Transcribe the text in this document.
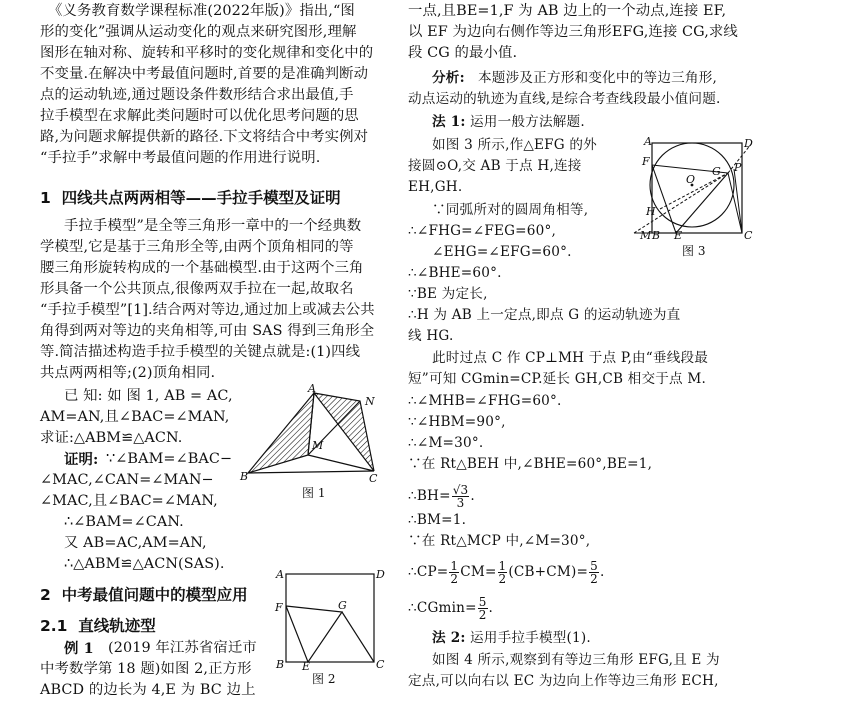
《义务教育数学课程标准(2022年版)》指出,“图
形的变化”强调从运动变化的观点来研究图形,理解
图形在轴对称、旋转和平移时的变化规律和变化中的
不变量.在解决中考最值问题时,首要的是准确判断动
点的运动轨迹,通过题设条件数形结合求出最值,手
拉手模型在求解此类问题时可以优化思考问题的思
路,为问题求解提供新的路径.下文将结合中考实例对
“手拉手”求解中考最值问题的作用进行说明.
1  四线共点两两相等——手拉手模型及证明
手拉手模型”是全等三角形一章中的一个经典数
学模型,它是基于三角形全等,由两个顶角相同的等
腰三角形旋转构成的一个基础模型.由于这两个三角
形具备一个公共顶点,很像两双手拉在一起,故取名
“手拉手模型”[1].结合两对等边,通过加上或减去公共
角得到两对等边的夹角相等,可由 SAS 得到三角形全
等.简洁描述构造手拉手模型的关键点就是:(1)四线
共点两两相等;(2)顶角相同.
已 知: 如 图 1, AB = AC,
AM=AN,且∠BAC=∠MAN,
求证:△ABM≌△ACN.
证明: ∵∠BAM=∠BAC−
∠MAC,∠CAN=∠MAN−
∠MAC,且∠BAC=∠MAN,
∴∠BAM=∠CAN.
又 AB=AC,AM=AN,
∴△ABM≌△ACN(SAS).
2  中考最值问题中的模型应用
2.1  直线轨迹型
例 1 (2019 年江苏省宿迁市
中考数学第 18 题)如图 2,正方形
ABCD 的边长为 4,E 为 BC 边上
A
N
B	C
M
图 1
A	D
F	G
B E	C
图 2
一点,且BE=1,F 为 AB 边上的一个动点,连接 EF,
以 EF 为边向右侧作等边三角形EFG,连接 CG,求线
段 CG 的最小值.
分析: 本题涉及正方形和变化中的等边三角形,
动点运动的轨迹为直线,是综合考查线段最小值问题.
法 1: 运用一般方法解题.
如图 3 所示,作△EFG 的外
接圆⊙O,交 AB 于点 H,连接
EH,GH.
∵同弧所对的圆周角相等,
∴∠FHG=∠FEG=60°,
∠EHG=∠EFG=60°.
∴∠BHE=60°.
∵BE 为定长,
∴H 为 AB 上一定点,即点 G 的运动轨迹为直
线 HG.
此时过点 C 作 CP⊥MH 于点 P,由“垂线段最
短”可知 CGmin=CP.延长 GH,CB 相交于点 M.
∴∠MHB=∠FHG=60°.
∵∠HBM=90°,
∴∠M=30°.
∵在 Rt△BEH 中,∠BHE=60°,BE=1,
∴BH= $\frac{√3}{3}$ .
∴BM=1.
∵在 Rt△MCP 中,∠M=30°,
∴CP= $\frac{1}{2} CM= \frac{1}{2} (CB+CM)= \frac{5}{2}$ .
∴CGmin= $\frac{5}{2}$ .
法 2: 运用手拉手模型(1).
如图 4 所示,观察到有等边三角形 EFG,且 E 为
定点,可以向右以 EC 为边向上作等边三角形 ECH,
A	D
F
O
G P
M B E	C
H
图 3
